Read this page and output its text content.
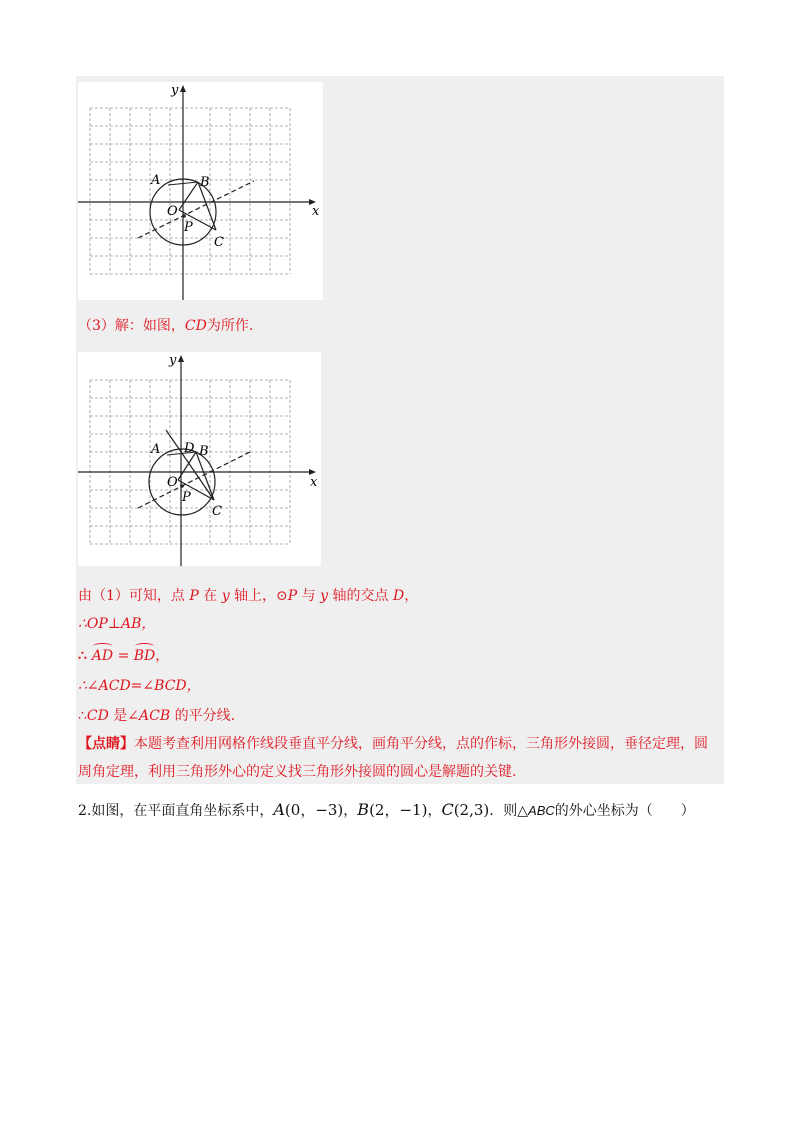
y
x
A	B
O
P
C
（3）解：如图，CD为所作.
y
x
A	B
D
O
P
C
由（1）可知，点 P 在 y 轴上，⊙P 与 y 轴的交点 D，
∴OP⊥AB，
∴ AD = BD，
∴∠ACD=∠BCD，
∴CD 是∠ACB 的平分线.
【点睛】本题考查利用网格作线段垂直平分线，画角平分线，点的作标，三角形外接圆，垂径定理，圆
周角定理，利用三角形外心的定义找三角形外接圆的圆心是解题的关键.
2.如图，在平面直角坐标系中，A(0，−3)，B(2，−1)，C(2,3)．则△ABC的外心坐标为（　　）
